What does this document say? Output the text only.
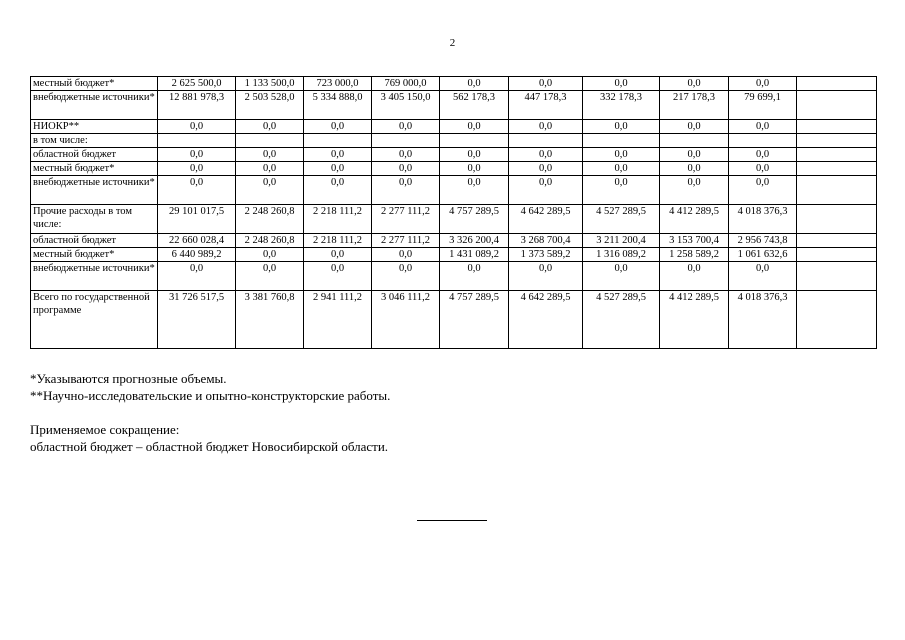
2
местный бюджет*	2 625 500,0	1 133 500,0	723 000,0	769 000,0	0,0	0,0	0,0	0,0	0,0	
внебюджетные источники*	12 881 978,3	2 503 528,0	5 334 888,0	3 405 150,0	562 178,3	447 178,3	332 178,3	217 178,3	79 699,1	
НИОКР**	0,0	0,0	0,0	0,0	0,0	0,0	0,0	0,0	0,0	
в том числе:										
областной бюджет	0,0	0,0	0,0	0,0	0,0	0,0	0,0	0,0	0,0	
местный бюджет*	0,0	0,0	0,0	0,0	0,0	0,0	0,0	0,0	0,0	
внебюджетные источники*	0,0	0,0	0,0	0,0	0,0	0,0	0,0	0,0	0,0	
Прочие расходы в том числе:	29 101 017,5	2 248 260,8	2 218 111,2	2 277 111,2	4 757 289,5	4 642 289,5	4 527 289,5	4 412 289,5	4 018 376,3	
областной бюджет	22 660 028,4	2 248 260,8	2 218 111,2	2 277 111,2	3 326 200,4	3 268 700,4	3 211 200,4	3 153 700,4	2 956 743,8	
местный бюджет*	6 440 989,2	0,0	0,0	0,0	1 431 089,2	1 373 589,2	1 316 089,2	1 258 589,2	1 061 632,6	
внебюджетные источники*	0,0	0,0	0,0	0,0	0,0	0,0	0,0	0,0	0,0	
Всего по государственной программе	31 726 517,5	3 381 760,8	2 941 111,2	3 046 111,2	4 757 289,5	4 642 289,5	4 527 289,5	4 412 289,5	4 018 376,3	

*Указываются прогнозные объемы.

**Научно-исследовательские и опытно-конструкторские работы.

Применяемое сокращение:

областной бюджет – областной бюджет Новосибирской области.
